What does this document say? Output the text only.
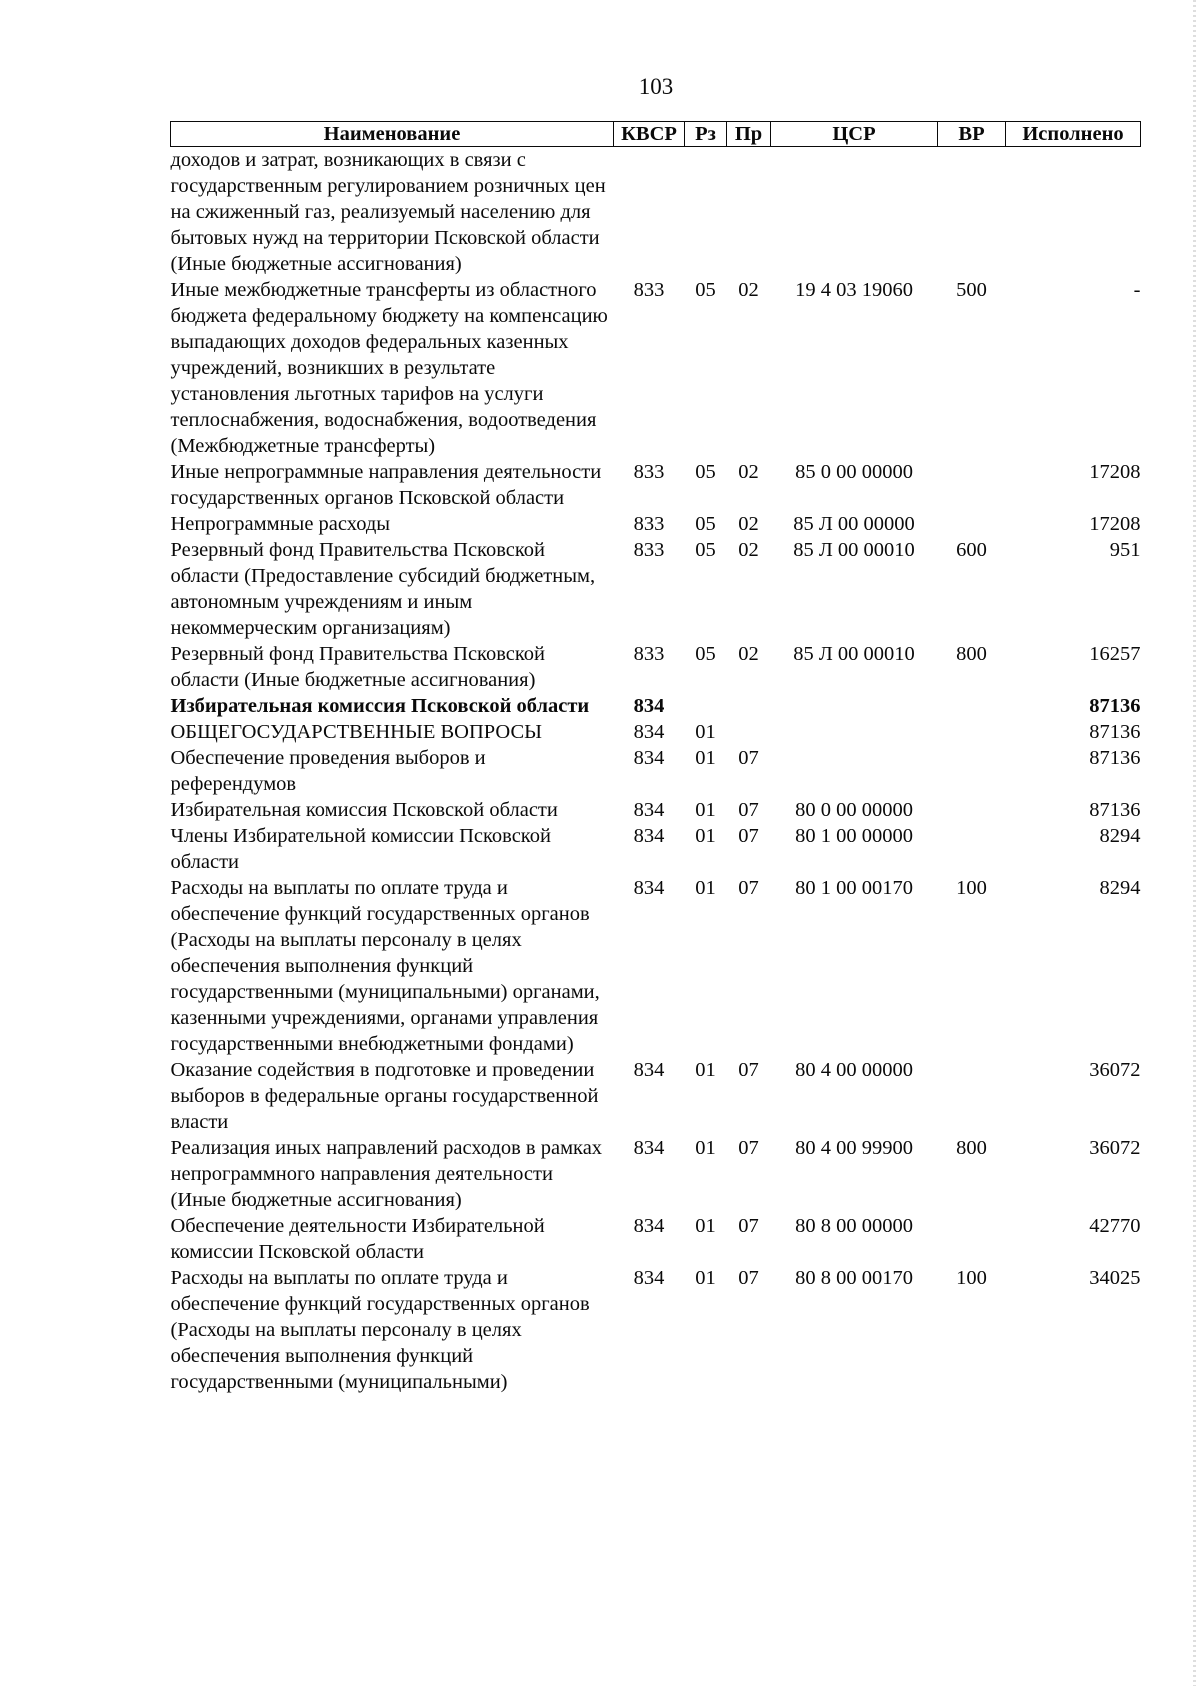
103
Наименование	КВСР	Рз	Пр	ЦСР	ВР	Исполнено
доходов и затрат, возникающих в связи с государственным регулированием розничных цен на сжиженный газ, реализуемый населению для бытовых нужд на территории Псковской области (Иные бюджетные ассигнования)						
Иные межбюджетные трансферты из областного бюджета федеральному бюджету на компенсацию выпадающих доходов федеральных казенных учреждений, возникших в результате установления льготных тарифов на услуги теплоснабжения, водоснабжения, водоотведения (Межбюджетные трансферты)	833	05	02	19 4 03 19060	500	-
Иные непрограммные направления деятельности государственных органов Псковской области	833	05	02	85 0 00 00000		17208
Непрограммные расходы	833	05	02	85 Л 00 00000		17208
Резервный фонд Правительства Псковской области (Предоставление субсидий бюджетным, автономным учреждениям и иным некоммерческим организациям)	833	05	02	85 Л 00 00010	600	951
Резервный фонд Правительства Псковской области (Иные бюджетные ассигнования)	833	05	02	85 Л 00 00010	800	16257
Избирательная комиссия Псковской области	834					87136
ОБЩЕГОСУДАРСТВЕННЫЕ ВОПРОСЫ	834	01				87136
Обеспечение проведения выборов и референдумов	834	01	07			87136
Избирательная комиссия Псковской области	834	01	07	80 0 00 00000		87136
Члены Избирательной комиссии Псковской области	834	01	07	80 1 00 00000		8294
Расходы на выплаты по оплате труда и обеспечение функций государственных органов (Расходы на выплаты персоналу в целях обеспечения выполнения функций государственными (муниципальными) органами, казенными учреждениями, органами управления государственными внебюджетными фондами)	834	01	07	80 1 00 00170	100	8294
Оказание содействия в подготовке и проведении выборов в федеральные органы государственной власти	834	01	07	80 4 00 00000		36072
Реализация иных направлений расходов в рамках непрограммного направления деятельности (Иные бюджетные ассигнования)	834	01	07	80 4 00 99900	800	36072
Обеспечение деятельности Избирательной комиссии Псковской области	834	01	07	80 8 00 00000		42770
Расходы на выплаты по оплате труда и обеспечение функций государственных органов (Расходы на выплаты персоналу в целях обеспечения выполнения функций государственными (муниципальными)	834	01	07	80 8 00 00170	100	34025
